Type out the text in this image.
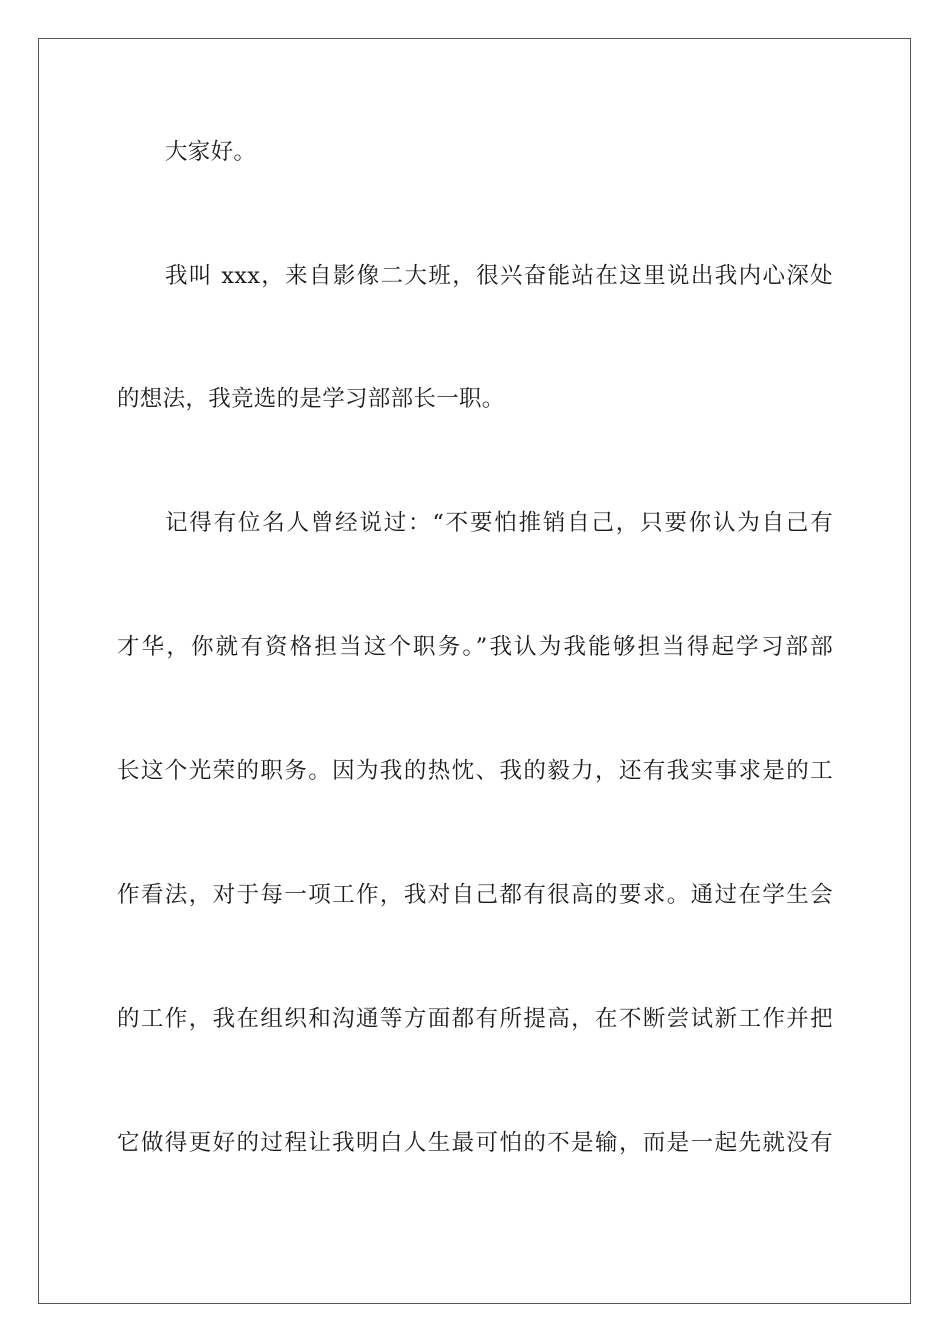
大家好。
我叫 xxx，来自影像二大班，很兴奋能站在这里说出我内心深处
的想法，我竞选的是学习部部长一职。
记得有位名人曾经说过：“不要怕推销自己，只要你认为自己有
才华，你就有资格担当这个职务。”我认为我能够担当得起学习部部
长这个光荣的职务。因为我的热忱、我的毅力，还有我实事求是的工
作看法，对于每一项工作，我对自己都有很高的要求。通过在学生会
的工作，我在组织和沟通等方面都有所提高，在不断尝试新工作并把
它做得更好的过程让我明白人生最可怕的不是输，而是一起先就没有
